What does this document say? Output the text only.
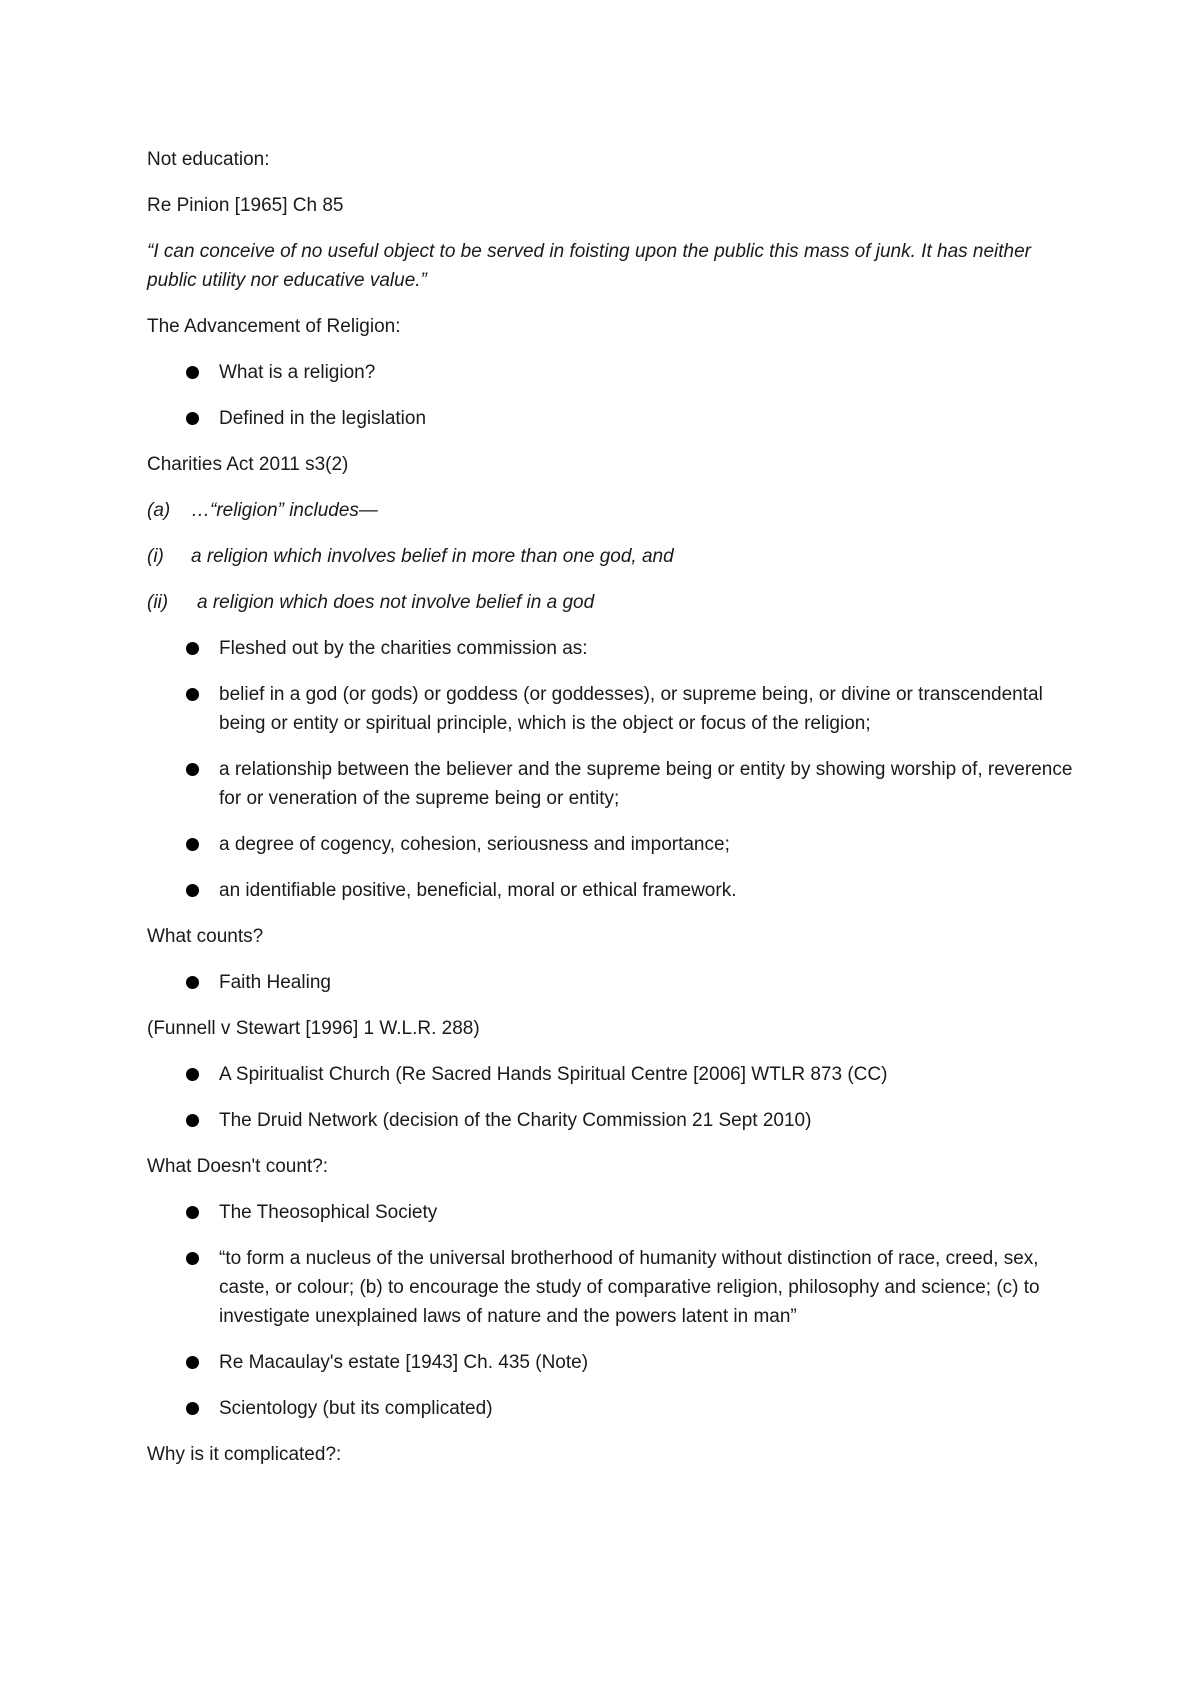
Not education:

Re Pinion [1965] Ch 85

“I can conceive of no useful object to be served in foisting upon the public this mass of junk. It has neither public utility nor educative value.”

The Advancement of Religion:

What is a religion?
Defined in the legislation

Charities Act 2011 s3(2)

(a)	…“religion” includes—
(i)	a religion which involves belief in more than one god, and
(ii)	a religion which does not involve belief in a god
Fleshed out by the charities commission as:
belief in a god (or gods) or goddess (or goddesses), or supreme being, or divine or transcendental being or entity or spiritual principle, which is the object or focus of the religion;
a relationship between the believer and the supreme being or entity by showing worship of, reverence for or veneration of the supreme being or entity;
a degree of cogency, cohesion, seriousness and importance;
an identifiable positive, beneficial, moral or ethical framework.

What counts?

Faith Healing

(Funnell v Stewart [1996] 1 W.L.R. 288)

A Spiritualist Church (Re Sacred Hands Spiritual Centre [2006] WTLR 873 (CC)
The Druid Network (decision of the Charity Commission 21 Sept 2010)

What Doesn't count?:

The Theosophical Society
“to form a nucleus of the universal brotherhood of humanity without distinction of race, creed, sex, caste, or colour; (b) to encourage the study of comparative religion, philosophy and science; (c) to investigate unexplained laws of nature and the powers latent in man”
Re Macaulay's estate [1943] Ch. 435 (Note)
Scientology (but its complicated)

Why is it complicated?:
